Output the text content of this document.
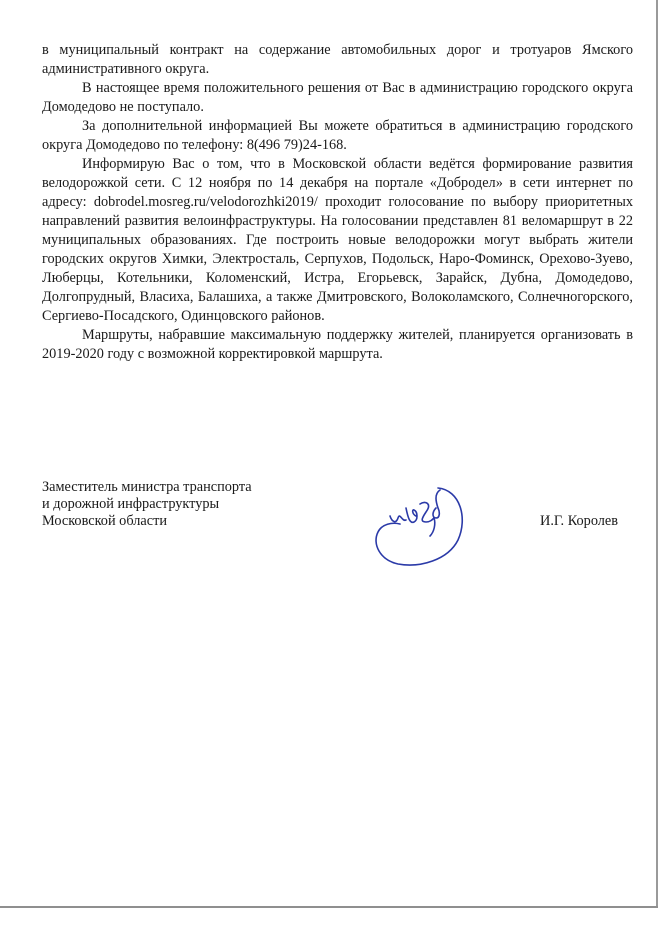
в муниципальный контракт на содержание автомобильных дорог и тротуаров Ямского административного округа.

В настоящее время положительного решения от Вас в администрацию городского округа Домодедово не поступало.

За дополнительной информацией Вы можете обратиться в администрацию городского округа Домодедово по телефону: 8(496 79)24-168.

Информирую Вас о том, что в Московской области ведётся формирование развития велодорожкой сети. С 12 ноября по 14 декабря на портале «Добродел» в сети интернет по адресу: dobrodel.mosreg.ru/velodorozhki2019/ проходит голосование по выбору приоритетных направлений развития велоинфраструктуры. На голосовании представлен 81 веломаршрут в 22 муниципальных образованиях. Где построить новые велодорожки могут выбрать жители городских округов Химки, Электросталь, Серпухов, Подольск, Наро-Фоминск, Орехово-Зуево, Люберцы, Котельники, Коломенский, Истра, Егорьевск, Зарайск, Дубна, Домодедово, Долгопрудный, Власиха, Балашиха, а также Дмитровского, Волоколамского, Солнечногорского, Сергиево-Посадского, Одинцовского районов.

Маршруты, набравшие максимальную поддержку жителей, планируется организовать в 2019-2020 году с возможной корректировкой маршрута.

Заместитель министра транспорта
и дорожной инфраструктуры
Московской области	И.Г. Королев
